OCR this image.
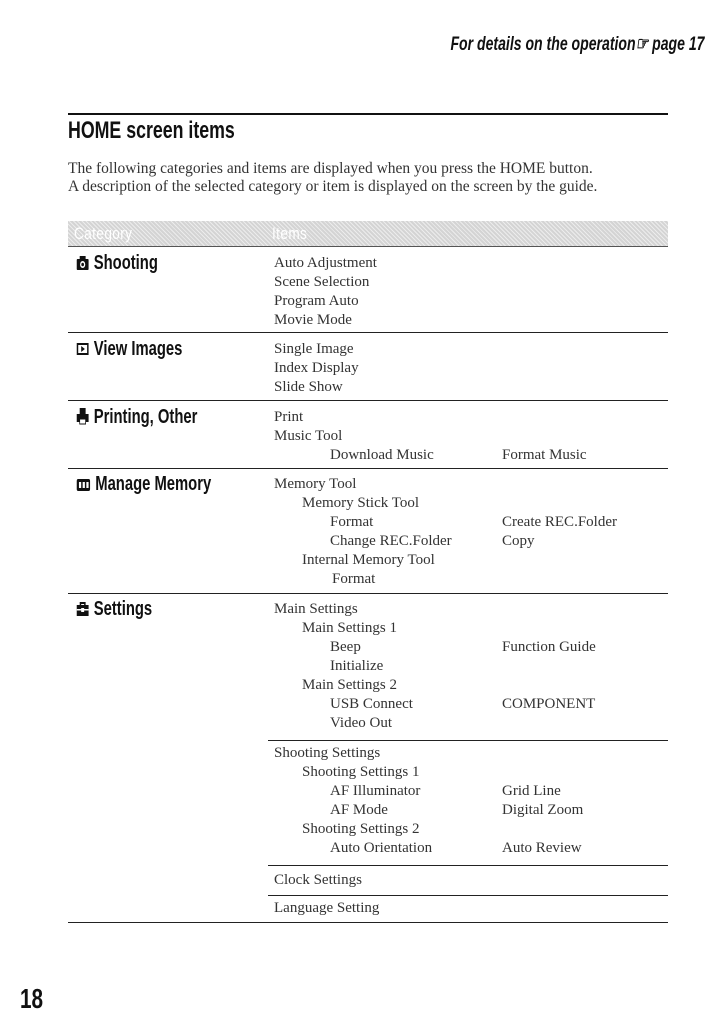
For details on the operation☞ page 17
HOME screen items
The following categories and items are displayed when you press the HOME button.
A description of the selected category or item is displayed on the screen by the guide.
Category	Items
Shooting	Auto Adjustment
Scene Selection
Program Auto
Movie Mode
View Images	Single Image
Index Display
Slide Show
Printing, Other	Print
Music Tool
Download Music	Format Music
Manage Memory	Memory Tool
Memory Stick Tool
Format	Create REC.Folder
Change REC.Folder	Copy
Internal Memory Tool
Format
Settings	Main Settings
Main Settings 1
Beep	Function Guide
Initialize
Main Settings 2
USB Connect	COMPONENT
Video Out
Shooting Settings
Shooting Settings 1
AF Illuminator	Grid Line
AF Mode	Digital Zoom
Shooting Settings 2
Auto Orientation	Auto Review
Clock Settings
Language Setting
18
